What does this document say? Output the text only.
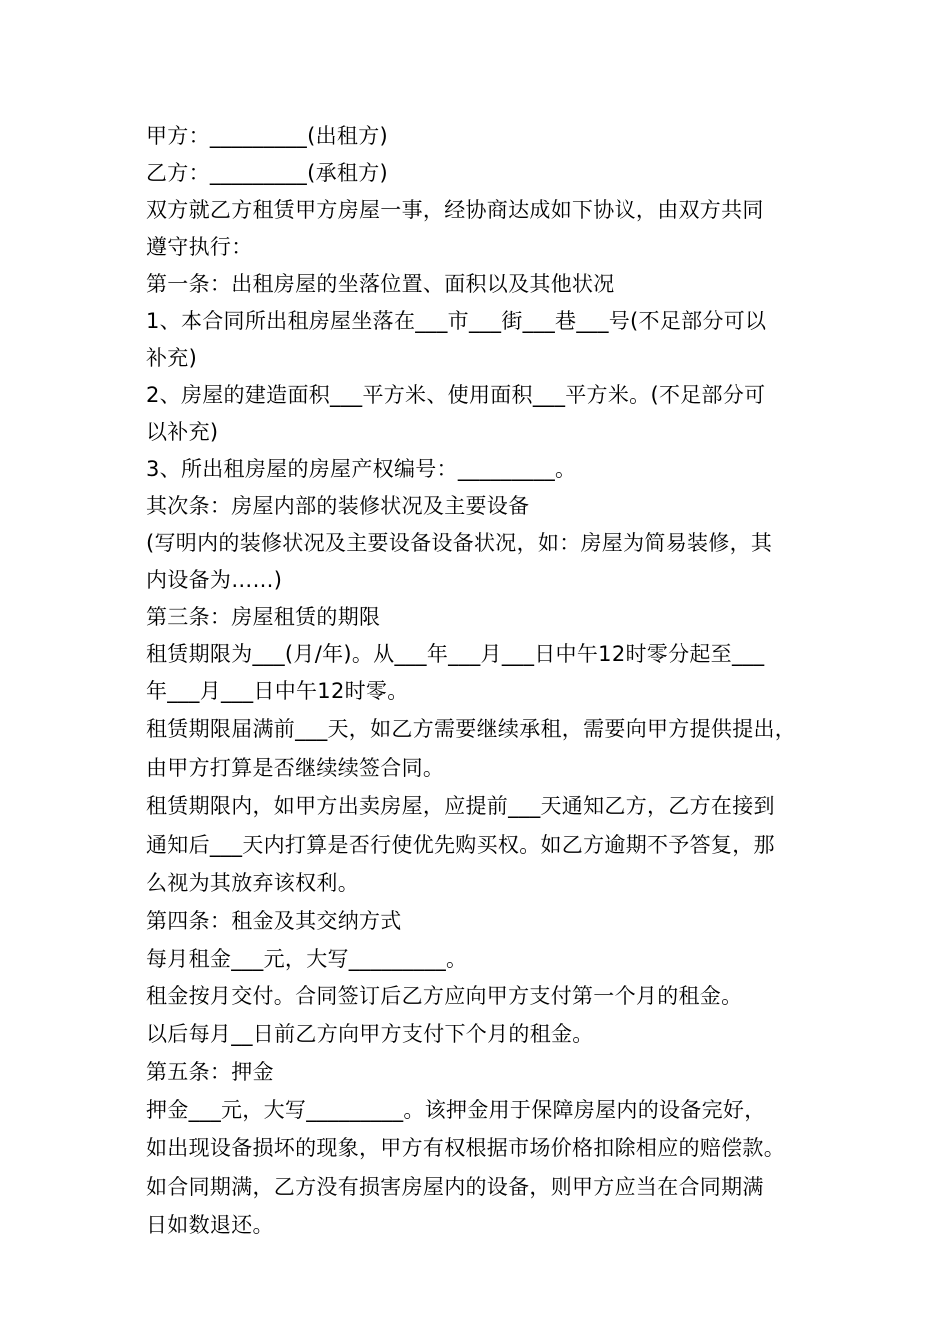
甲方：_________(出租方)
乙方：_________(承租方)
双方就乙方租赁甲方房屋一事，经协商达成如下协议，由双方共同
遵守执行：
第一条：出租房屋的坐落位置、面积以及其他状况
1、本合同所出租房屋坐落在___市___街___巷___号(不足部分可以
补充)
2、房屋的建造面积___平方米、使用面积___平方米。(不足部分可
以补充)
3、所出租房屋的房屋产权编号：_________。
其次条：房屋内部的装修状况及主要设备
(写明内的装修状况及主要设备设备状况，如：房屋为简易装修，其
内设备为……)
第三条：房屋租赁的期限
租赁期限为___(月/年)。从___年___月___日中午12时零分起至___
年___月___日中午12时零。
租赁期限届满前___天，如乙方需要继续承租，需要向甲方提供提出，
由甲方打算是否继续续签合同。
租赁期限内，如甲方出卖房屋，应提前___天通知乙方，乙方在接到
通知后___天内打算是否行使优先购买权。如乙方逾期不予答复，那
么视为其放弃该权利。
第四条：租金及其交纳方式
每月租金___元，大写_________。
租金按月交付。合同签订后乙方应向甲方支付第一个月的租金。
以后每月__日前乙方向甲方支付下个月的租金。
第五条：押金
押金___元，大写_________。该押金用于保障房屋内的设备完好，
如出现设备损坏的现象，甲方有权根据市场价格扣除相应的赔偿款。
如合同期满，乙方没有损害房屋内的设备，则甲方应当在合同期满
日如数退还。
